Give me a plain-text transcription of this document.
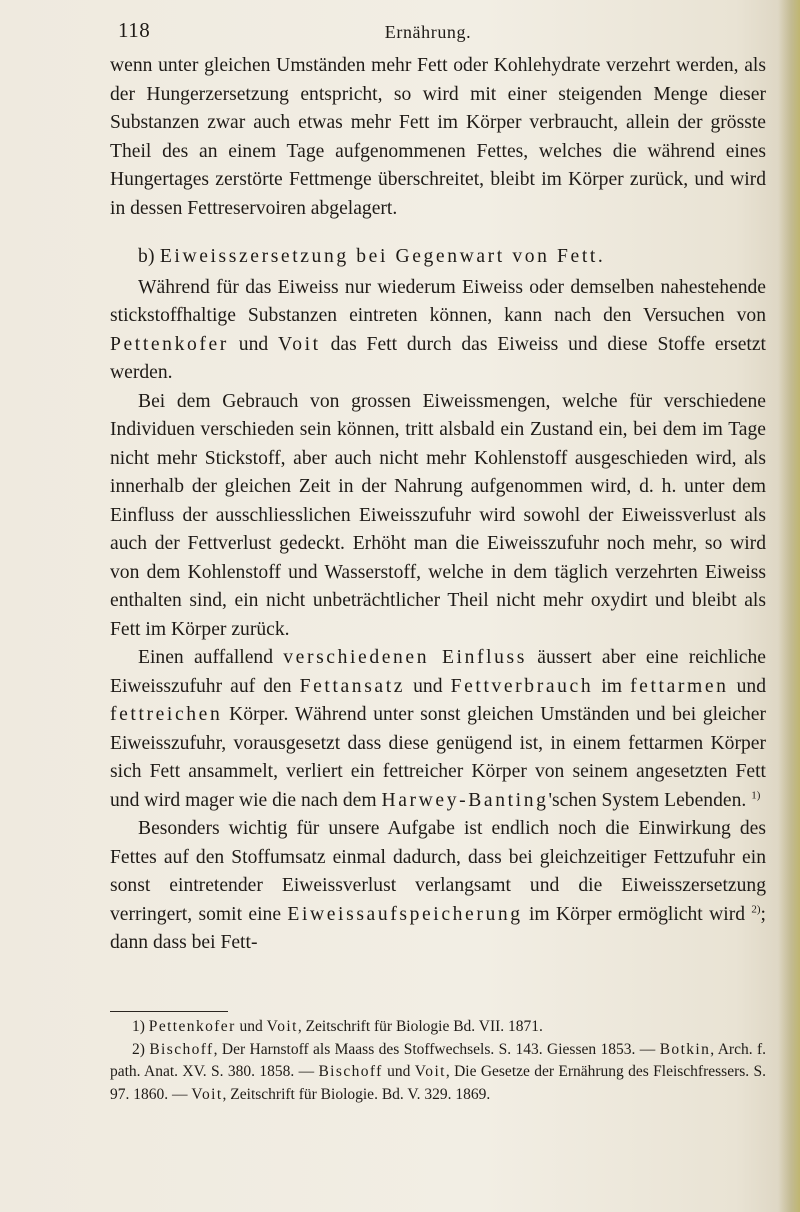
118	Ernährung.

wenn unter gleichen Umständen mehr Fett oder Kohlehydrate verzehrt werden, als der Hungerzersetzung entspricht, so wird mit einer steigenden Menge dieser Substanzen zwar auch etwas mehr Fett im Körper verbraucht, allein der grösste Theil des an einem Tage aufgenommenen Fettes, welches die während eines Hungertages zerstörte Fettmenge überschreitet, bleibt im Körper zurück, und wird in dessen Fettreservoiren abgelagert.

b) Eiweisszersetzung bei Gegenwart von Fett.

Während für das Eiweiss nur wiederum Eiweiss oder demselben nahestehende stickstoffhaltige Substanzen eintreten können, kann nach den Versuchen von Pettenkofer und Voit das Fett durch das Eiweiss und diese Stoffe ersetzt werden.

Bei dem Gebrauch von grossen Eiweissmengen, welche für verschiedene Individuen verschieden sein können, tritt alsbald ein Zustand ein, bei dem im Tage nicht mehr Stickstoff, aber auch nicht mehr Kohlenstoff ausgeschieden wird, als innerhalb der gleichen Zeit in der Nahrung aufgenommen wird, d. h. unter dem Einfluss der ausschliesslichen Eiweisszufuhr wird sowohl der Eiweissverlust als auch der Fettverlust gedeckt. Erhöht man die Eiweisszufuhr noch mehr, so wird von dem Kohlenstoff und Wasserstoff, welche in dem täglich verzehrten Eiweiss enthalten sind, ein nicht unbeträchtlicher Theil nicht mehr oxydirt und bleibt als Fett im Körper zurück.

Einen auffallend verschiedenen Einfluss äussert aber eine reichliche Eiweisszufuhr auf den Fettansatz und Fettverbrauch im fettarmen und fettreichen Körper. Während unter sonst gleichen Umständen und bei gleicher Eiweisszufuhr, vorausgesetzt dass diese genügend ist, in einem fettarmen Körper sich Fett ansammelt, verliert ein fettreicher Körper von seinem angesetzten Fett und wird mager wie die nach dem Harwey-Banting'schen System Lebenden. $^{1)}$

Besonders wichtig für unsere Aufgabe ist endlich noch die Einwirkung des Fettes auf den Stoffumsatz einmal dadurch, dass bei gleichzeitiger Fettzufuhr ein sonst eintretender Eiweissverlust verlangsamt und die Eiweisszersetzung verringert, somit eine Eiweissaufspeicherung im Körper ermöglicht wird $^{2)}$; dann dass bei Fett-

1) Pettenkofer und Voit, Zeitschrift für Biologie Bd. VII. 1871.

2) Bischoff, Der Harnstoff als Maass des Stoffwechsels. S. 143. Giessen 1853. — Botkin, Arch. f. path. Anat. XV. S. 380. 1858. — Bischoff und Voit, Die Gesetze der Ernährung des Fleischfressers. S. 97. 1860. — Voit, Zeitschrift für Biologie. Bd. V. 329. 1869.
